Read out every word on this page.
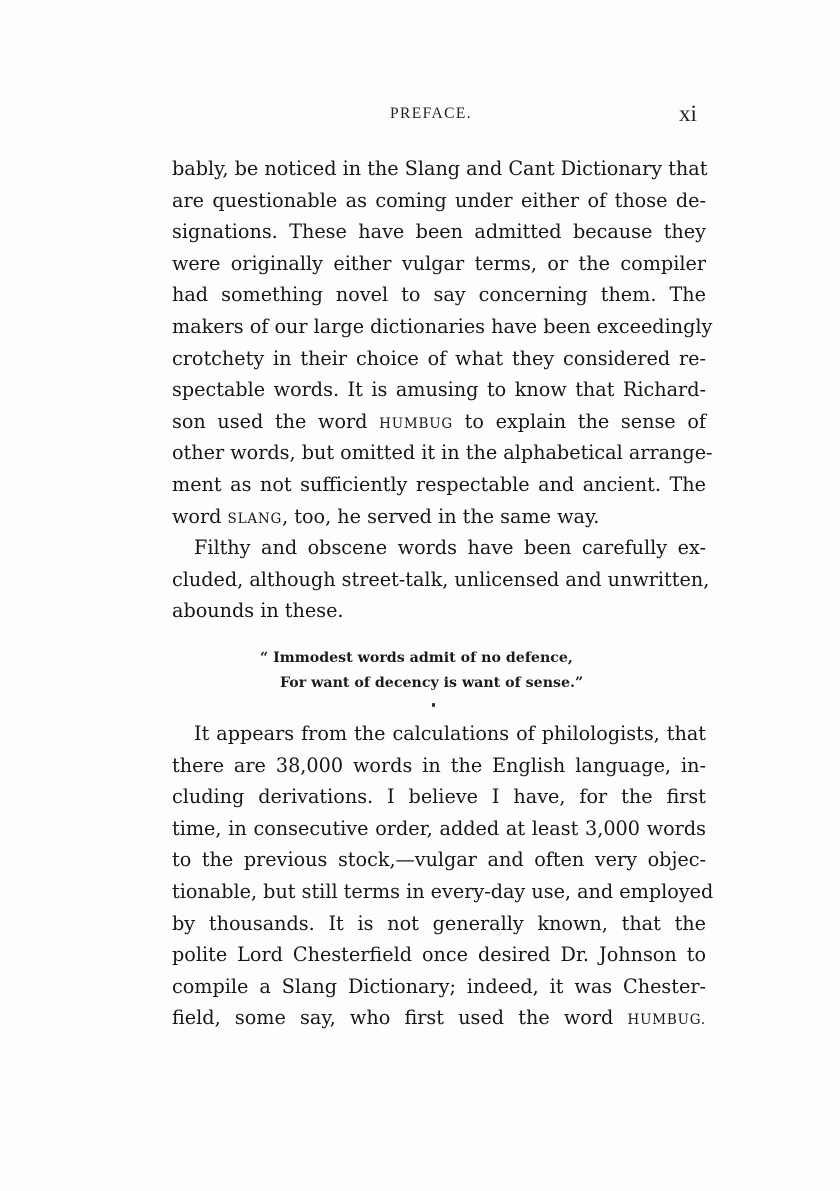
PREFACE.	xi
bably, be noticed in the Slang and Cant Dictionary that
are questionable as coming under either of those de-
signations. These have been admitted because they
were originally either vulgar terms, or the compiler
had something novel to say concerning them. The
makers of our large dictionaries have been exceedingly
crotchety in their choice of what they considered re-
spectable words. It is amusing to know that Richard-
son used the word HUMBUG to explain the sense of
other words, but omitted it in the alphabetical arrange-
ment as not sufficiently respectable and ancient. The
word SLANG, too, he served in the same way.
Filthy and obscene words have been carefully ex-
cluded, although street-talk, unlicensed and unwritten,
abounds in these.
“ Immodest words admit of no defence,
For want of decency is want of sense.”
It appears from the calculations of philologists, that
there are 38,000 words in the English language, in-
cluding derivations. I believe I have, for the first
time, in consecutive order, added at least 3,000 words
to the previous stock,—vulgar and often very objec-
tionable, but still terms in every-day use, and employed
by thousands. It is not generally known, that the
polite Lord Chesterfield once desired Dr. Johnson to
compile a Slang Dictionary; indeed, it was Chester-
field, some say, who first used the word HUMBUG.
